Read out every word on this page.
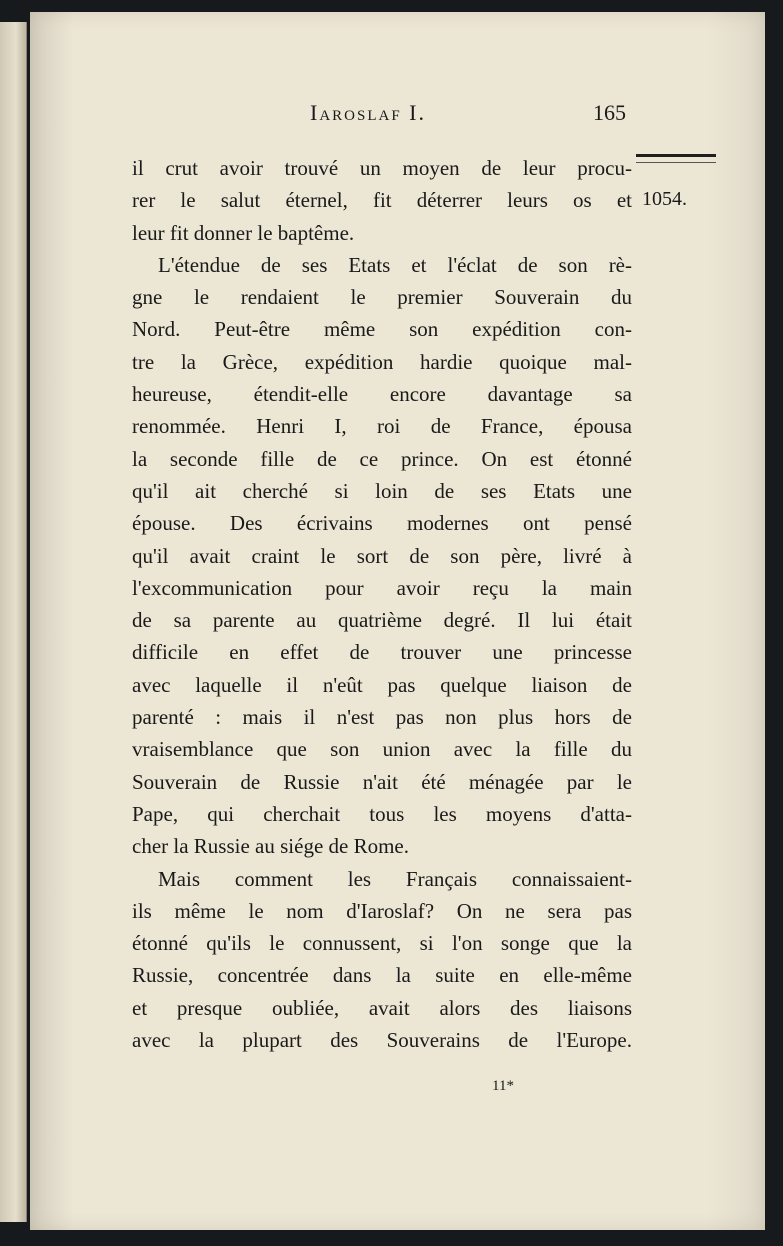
Iaroslaf I.	165
1054.
il crut avoir trouvé un moyen de leur procu-
rer le salut éternel, fit déterrer leurs os et
leur fit donner le baptême.
L'étendue de ses Etats et l'éclat de son rè-
gne le rendaient le premier Souverain du
Nord. Peut-être même son expédition con-
tre la Grèce, expédition hardie quoique mal-
heureuse, étendit-elle encore davantage sa
renommée. Henri I, roi de France, épousa
la seconde fille de ce prince. On est étonné
qu'il ait cherché si loin de ses Etats une
épouse. Des écrivains modernes ont pensé
qu'il avait craint le sort de son père, livré à
l'excommunication pour avoir reçu la main
de sa parente au quatrième degré. Il lui était
difficile en effet de trouver une princesse
avec laquelle il n'eût pas quelque liaison de
parenté : mais il n'est pas non plus hors de
vraisemblance que son union avec la fille du
Souverain de Russie n'ait été ménagée par le
Pape, qui cherchait tous les moyens d'atta-
cher la Russie au siége de Rome.
Mais comment les Français connaissaient-
ils même le nom d'Iaroslaf? On ne sera pas
étonné qu'ils le connussent, si l'on songe que la
Russie, concentrée dans la suite en elle-même
et presque oubliée, avait alors des liaisons
avec la plupart des Souverains de l'Europe.
11*
